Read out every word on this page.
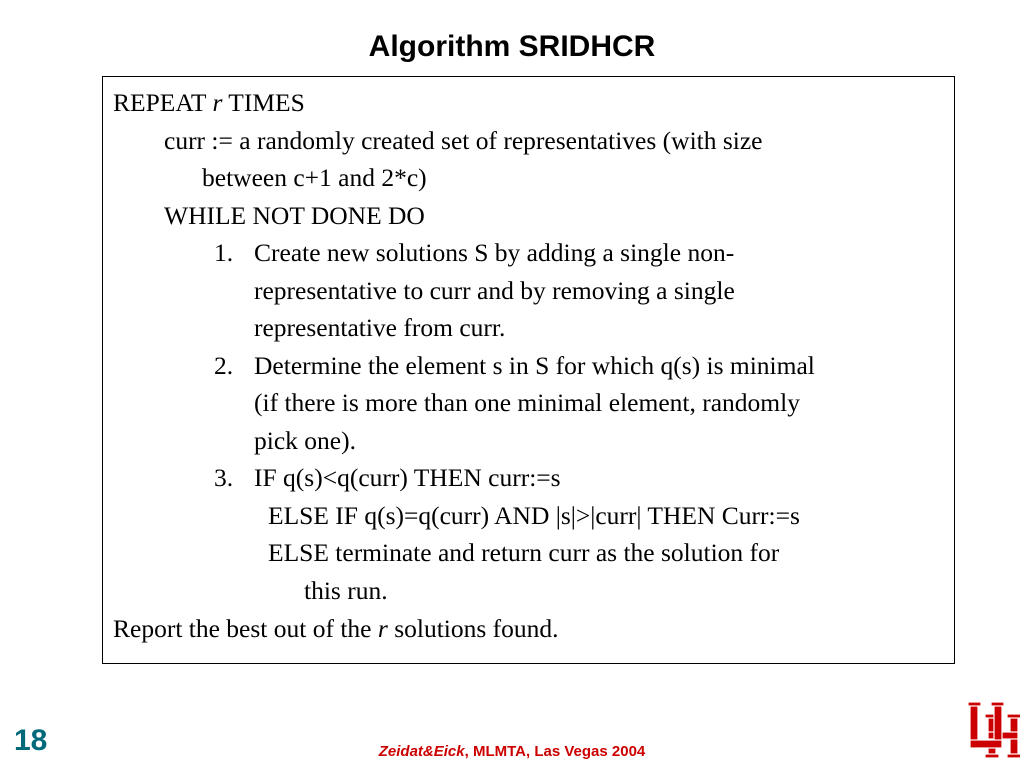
Algorithm SRIDHCR
REPEAT r TIMES
curr := a randomly created set of representatives (with size
between c+1 and 2*c)
WHILE NOT DONE DO
1. Create new solutions S by adding a single non-
representative to curr and by removing a single
representative from curr.
2. Determine the element s in S for which q(s) is minimal
(if there is more than one minimal element, randomly
pick one).
3. IF q(s)<q(curr) THEN curr:=s
ELSE IF q(s)=q(curr) AND |s|>|curr| THEN Curr:=s
ELSE terminate and return curr as the solution for
this run.
Report the best out of the r solutions found.
18	Zeidat&Eick, MLMTA, Las Vegas 2004
